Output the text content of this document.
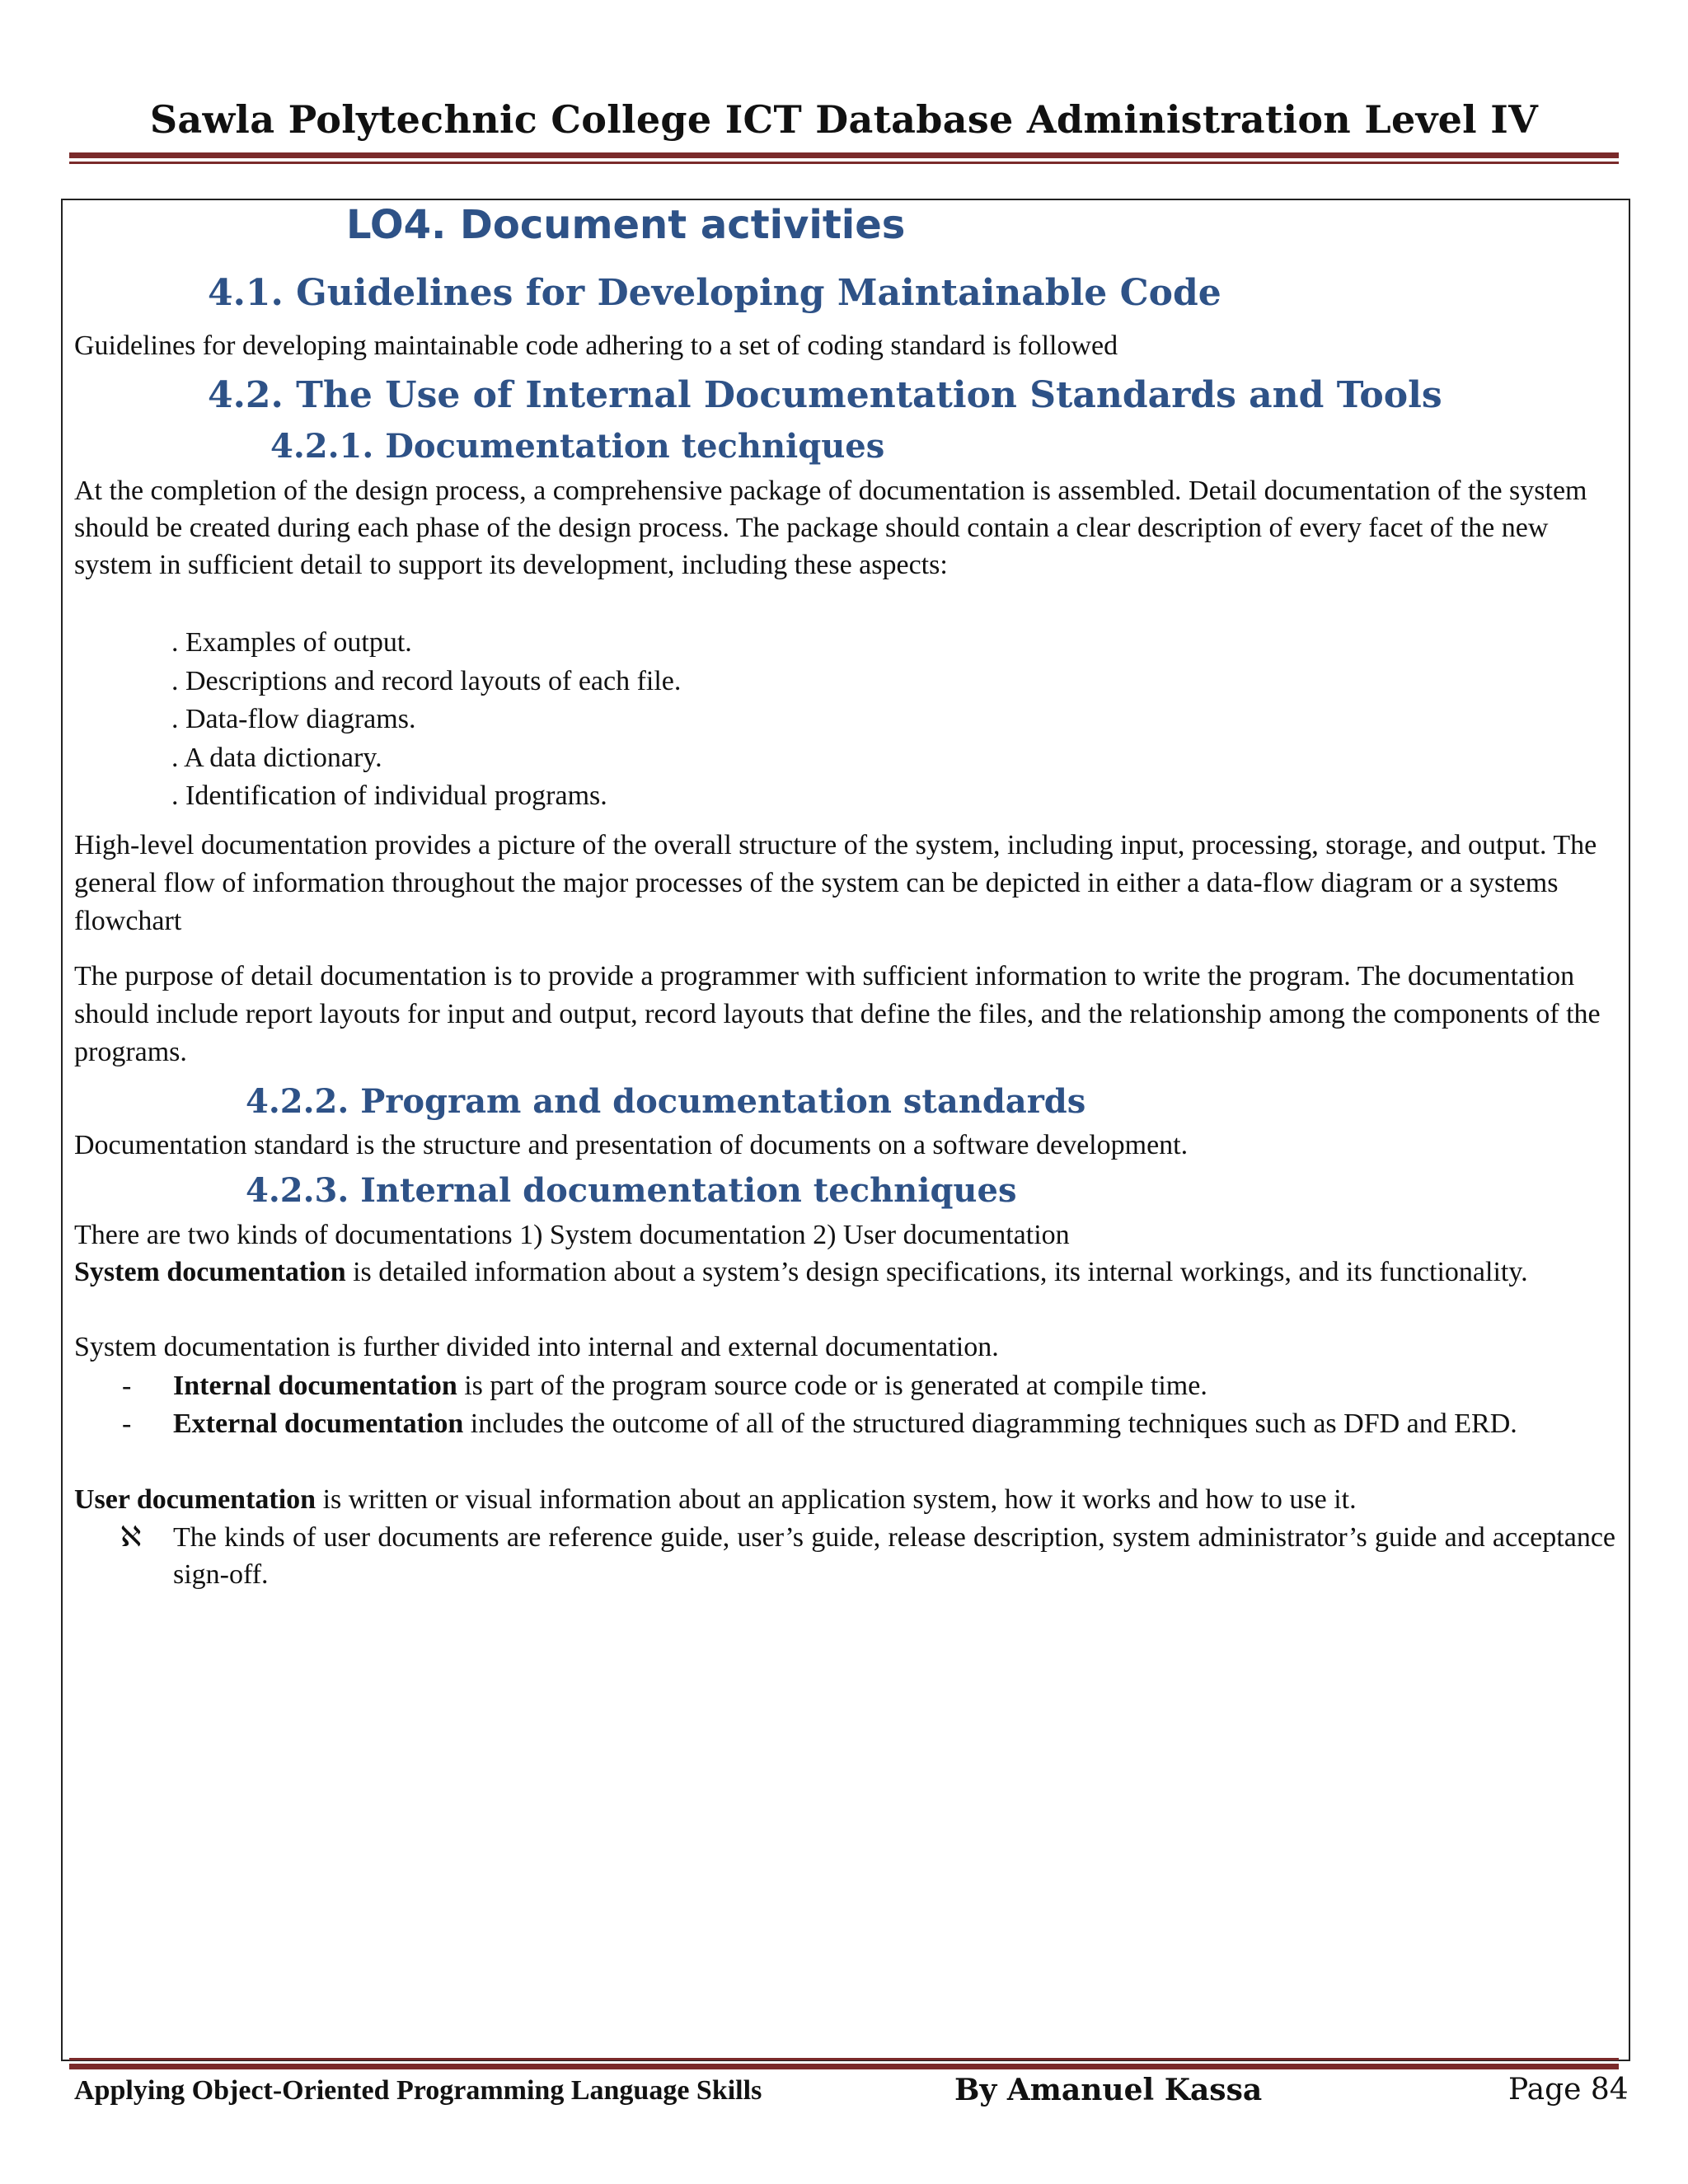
Sawla Polytechnic College ICT Database Administration Level IV
LO4. Document activities
4.1. Guidelines for Developing Maintainable Code
Guidelines for developing maintainable code adhering to a set of coding standard is followed
4.2. The Use of Internal Documentation Standards and Tools
4.2.1. Documentation techniques
At the completion of the design process, a comprehensive package of documentation is assembled. Detail documentation of the system should be created during each phase of the design process. The package should contain a clear description of every facet of the new system in sufficient detail to support its development, including these aspects:
. Examples of output.
. Descriptions and record layouts of each file.
. Data-flow diagrams.
. A data dictionary.
. Identification of individual programs.
High-level documentation provides a picture of the overall structure of the system, including input, processing, storage, and output. The general flow of information throughout the major processes of the system can be depicted in either a data-flow diagram or a systems flowchart
The purpose of detail documentation is to provide a programmer with sufficient information to write the program. The documentation should include report layouts for input and output, record layouts that define the files, and the relationship among the components of the programs.
4.2.2. Program and documentation standards
Documentation standard is the structure and presentation of documents on a software development.
4.2.3. Internal documentation techniques
There are two kinds of documentations 1) System documentation 2) User documentation
System documentation is detailed information about a system’s design specifications, its internal workings, and its functionality.
System documentation is further divided into internal and external documentation.
- Internal documentation is part of the program source code or is generated at compile time.
- External documentation includes the outcome of all of the structured diagramming techniques such as DFD and ERD.
User documentation is written or visual information about an application system, how it works and how to use it.
ℵ The kinds of user documents are reference guide, user’s guide, release description, system administrator’s guide and acceptance sign-off.
Applying Object-Oriented Programming Language Skills	By Amanuel Kassa	Page 84
